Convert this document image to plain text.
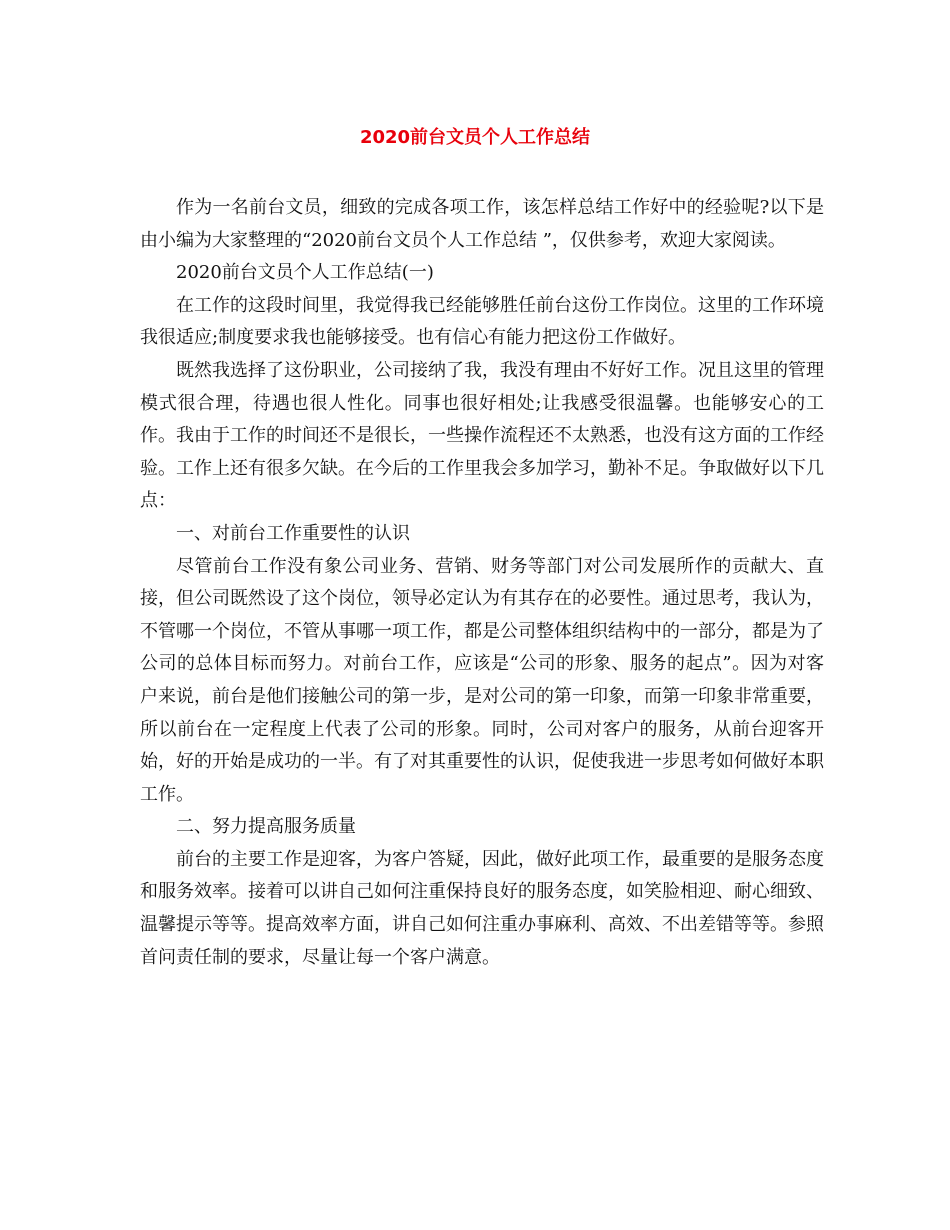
2020前台文员个人工作总结

作为一名前台文员，细致的完成各项工作，该怎样总结工作好中的经验呢?以下是由小编为大家整理的“2020前台文员个人工作总结 ”，仅供参考，欢迎大家阅读。

2020前台文员个人工作总结(一)

在工作的这段时间里，我觉得我已经能够胜任前台这份工作岗位。这里的工作环境我很适应;制度要求我也能够接受。也有信心有能力把这份工作做好。

既然我选择了这份职业，公司接纳了我，我没有理由不好好工作。况且这里的管理模式很合理，待遇也很人性化。同事也很好相处;让我感受很温馨。也能够安心的工作。我由于工作的时间还不是很长，一些操作流程还不太熟悉，也没有这方面的工作经验。工作上还有很多欠缺。在今后的工作里我会多加学习，勤补不足。争取做好以下几点：

一、对前台工作重要性的认识

尽管前台工作没有象公司业务、营销、财务等部门对公司发展所作的贡献大、直接，但公司既然设了这个岗位，领导必定认为有其存在的必要性。通过思考，我认为，不管哪一个岗位，不管从事哪一项工作，都是公司整体组织结构中的一部分，都是为了公司的总体目标而努力。对前台工作，应该是“公司的形象、服务的起点”。因为对客户来说，前台是他们接触公司的第一步，是对公司的第一印象，而第一印象非常重要，所以前台在一定程度上代表了公司的形象。同时，公司对客户的服务，从前台迎客开始，好的开始是成功的一半。有了对其重要性的认识，促使我进一步思考如何做好本职工作。

二、努力提高服务质量

前台的主要工作是迎客，为客户答疑，因此，做好此项工作，最重要的是服务态度和服务效率。接着可以讲自己如何注重保持良好的服务态度，如笑脸相迎、耐心细致、温馨提示等等。提高效率方面，讲自己如何注重办事麻利、高效、不出差错等等。参照首问责任制的要求，尽量让每一个客户满意。
